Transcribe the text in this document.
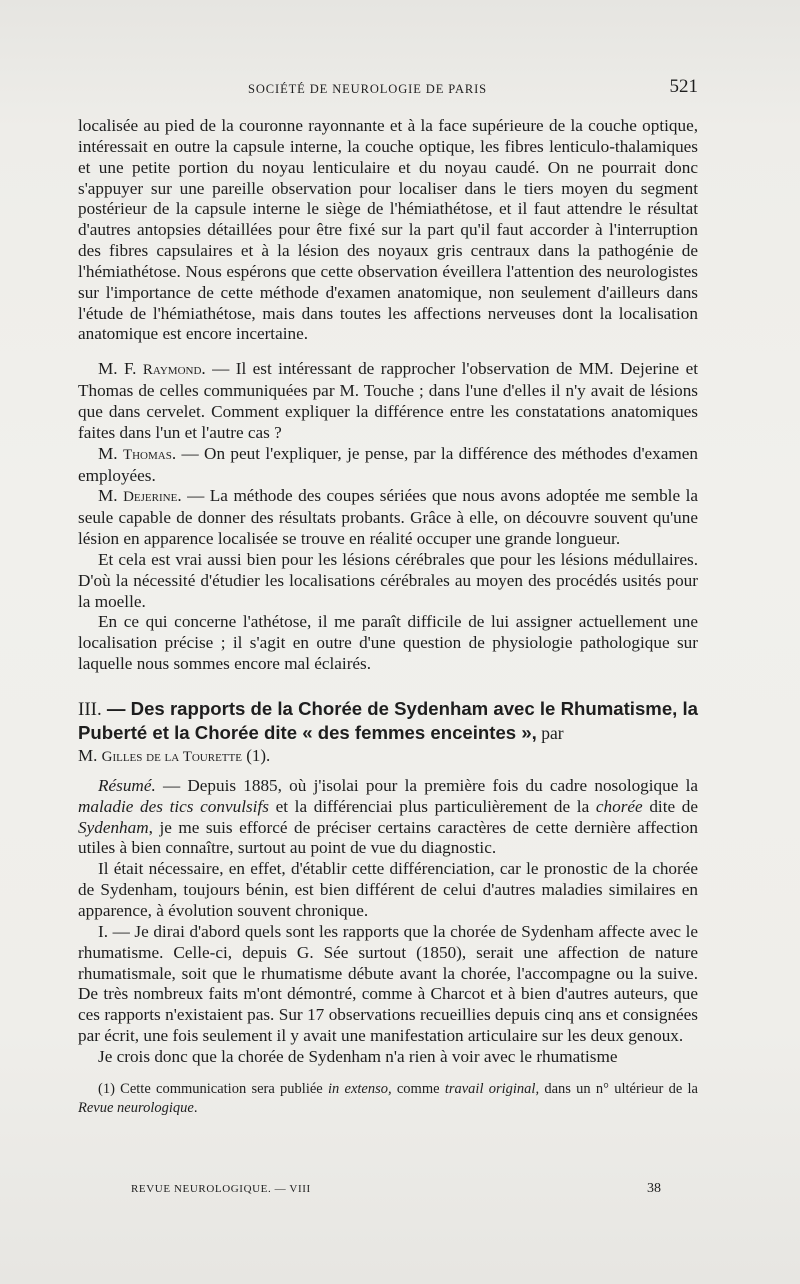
SOCIÉTÉ DE NEUROLOGIE DE PARIS	521

localisée au pied de la couronne rayonnante et à la face supérieure de la couche optique, intéressait en outre la capsule interne, la couche optique, les fibres lenticulo-thalamiques et une petite portion du noyau lenticulaire et du noyau caudé. On ne pourrait donc s'appuyer sur une pareille observation pour localiser dans le tiers moyen du segment postérieur de la capsule interne le siège de l'hémiathétose, et il faut attendre le résultat d'autres antopsies détaillées pour être fixé sur la part qu'il faut accorder à l'interruption des fibres capsulaires et à la lésion des noyaux gris centraux dans la pathogénie de l'hémiathétose. Nous espérons que cette observation éveillera l'attention des neurologistes sur l'importance de cette méthode d'examen anatomique, non seulement d'ailleurs dans l'étude de l'hémiathétose, mais dans toutes les affections nerveuses dont la localisation anatomique est encore incertaine.

M. F. Raymond. — Il est intéressant de rapprocher l'observation de MM. Dejerine et Thomas de celles communiquées par M. Touche ; dans l'une d'elles il n'y avait de lésions que dans cervelet. Comment expliquer la différence entre les constatations anatomiques faites dans l'un et l'autre cas ?

M. Thomas. — On peut l'expliquer, je pense, par la différence des méthodes d'examen employées.

M. Dejerine. — La méthode des coupes sériées que nous avons adoptée me semble la seule capable de donner des résultats probants. Grâce à elle, on découvre souvent qu'une lésion en apparence localisée se trouve en réalité occuper une grande longueur.

Et cela est vrai aussi bien pour les lésions cérébrales que pour les lésions médullaires. D'où la nécessité d'étudier les localisations cérébrales au moyen des procédés usités pour la moelle.

En ce qui concerne l'athétose, il me paraît difficile de lui assigner actuellement une localisation précise ; il s'agit en outre d'une question de physiologie pathologique sur laquelle nous sommes encore mal éclairés.

III. — Des rapports de la Chorée de Sydenham avec le Rhumatisme, la Puberté et la Chorée dite « des femmes enceintes », par

M. Gilles de la Tourette (1).

Résumé. — Depuis 1885, où j'isolai pour la première fois du cadre nosologique la maladie des tics convulsifs et la différenciai plus particulièrement de la chorée dite de Sydenham, je me suis efforcé de préciser certains caractères de cette dernière affection utiles à bien connaître, surtout au point de vue du diagnostic.

Il était nécessaire, en effet, d'établir cette différenciation, car le pronostic de la chorée de Sydenham, toujours bénin, est bien différent de celui d'autres maladies similaires en apparence, à évolution souvent chronique.

I. — Je dirai d'abord quels sont les rapports que la chorée de Sydenham affecte avec le rhumatisme. Celle-ci, depuis G. Sée surtout (1850), serait une affection de nature rhumatismale, soit que le rhumatisme débute avant la chorée, l'accompagne ou la suive. De très nombreux faits m'ont démontré, comme à Charcot et à bien d'autres auteurs, que ces rapports n'existaient pas. Sur 17 observations recueillies depuis cinq ans et consignées par écrit, une fois seulement il y avait une manifestation articulaire sur les deux genoux.

Je crois donc que la chorée de Sydenham n'a rien à voir avec le rhumatisme

(1) Cette communication sera publiée in extenso, comme travail original, dans un n° ultérieur de la Revue neurologique.
REVUE NEUROLOGIQUE. — VIII	38
